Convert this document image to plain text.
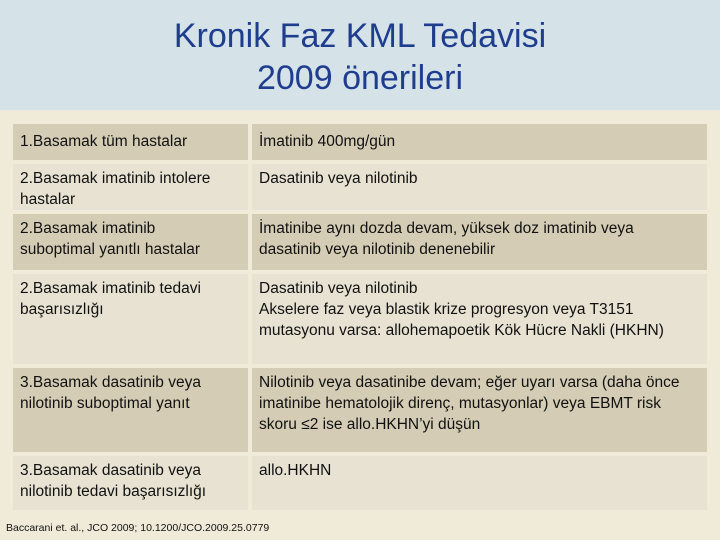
Kronik Faz KML Tedavisi
2009 önerileri
1.Basamak tüm hastalar	İmatinib 400mg/gün
2.Basamak imatinib intolere hastalar
Dasatinib veya nilotinib
2.Basamak imatinib
suboptimal yanıtlı hastalar
İmatinibe aynı dozda devam, yüksek doz imatinib veya dasatinib veya nilotinib denenebilir
2.Basamak imatinib tedavi başarısızlığı
Dasatinib veya nilotinib
Akselere faz veya blastik krize progresyon veya T3151 mutasyonu varsa: allohemapoetik Kök Hücre Nakli (HKHN)
3.Basamak dasatinib veya nilotinib suboptimal yanıt
Nilotinib veya dasatinibe devam; eğer uyarı varsa (daha önce imatinibe hematolojik direnç, mutasyonlar) veya EBMT risk skoru ≤2 ise allo.HKHN’yi düşün
3.Basamak dasatinib veya nilotinib tedavi başarısızlığı
allo.HKHN
Baccarani et. al., JCO 2009; 10.1200/JCO.2009.25.0779
